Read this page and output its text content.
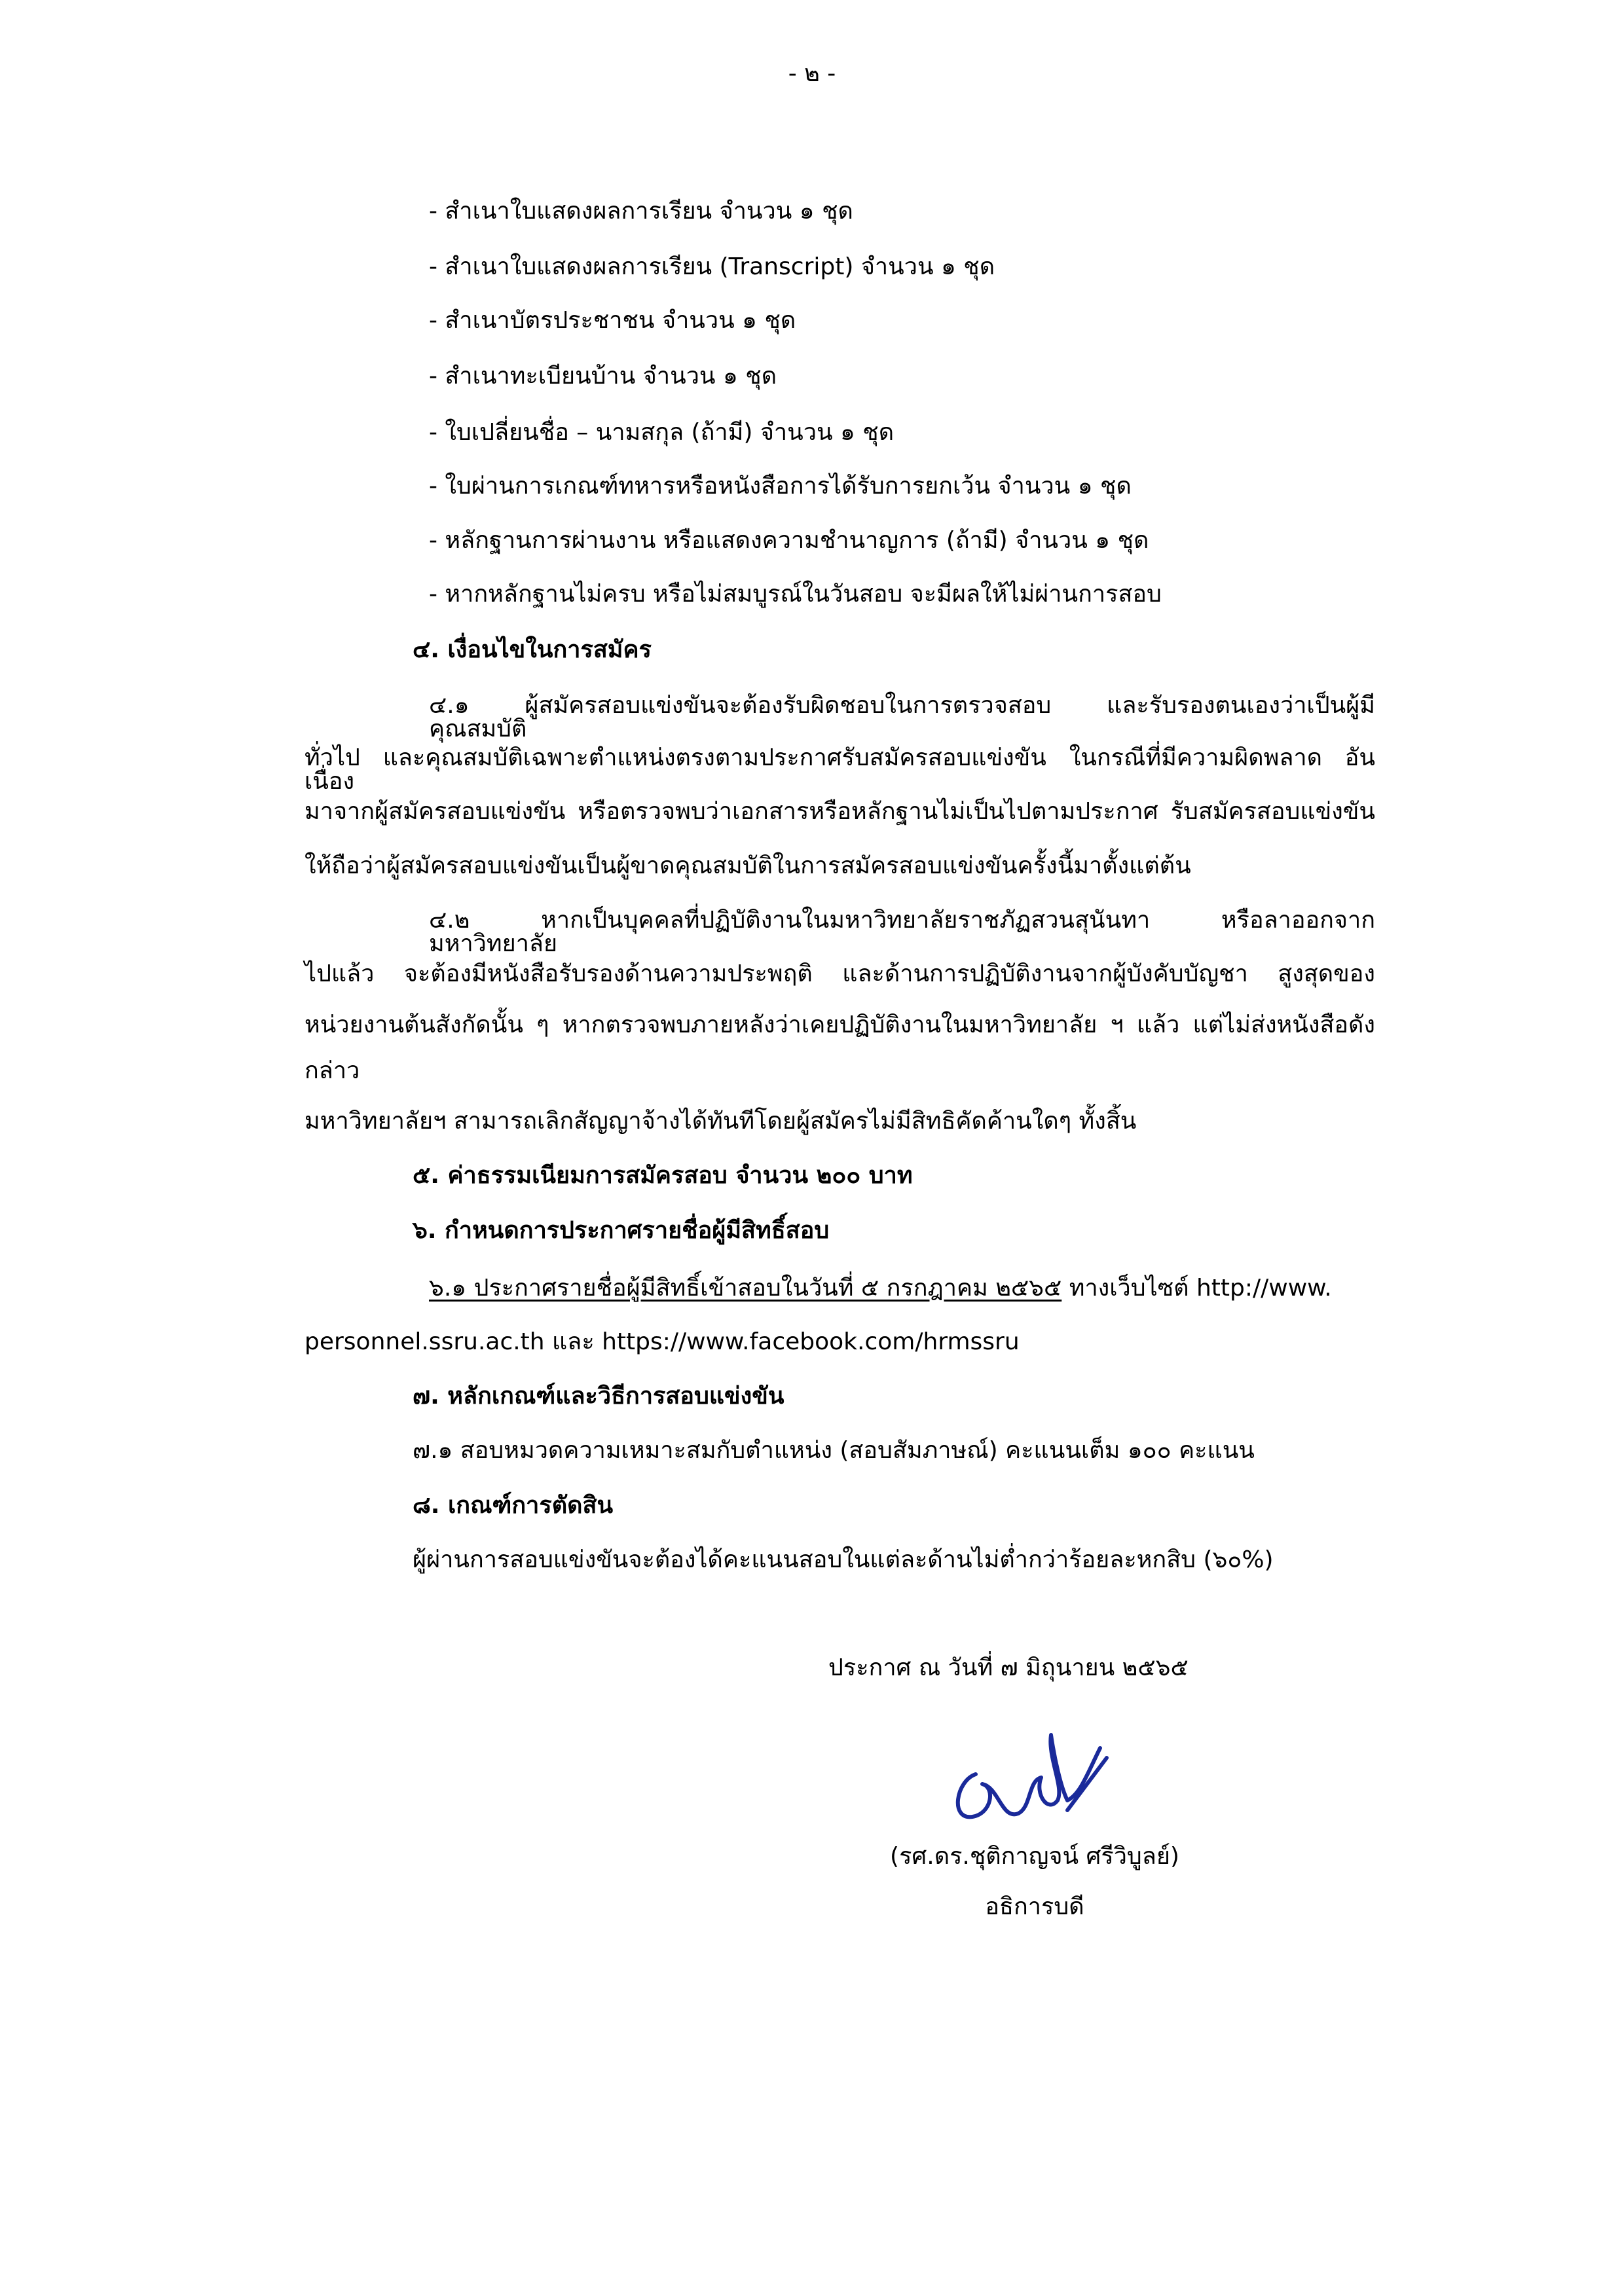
- ๒ -
- สำเนาใบแสดงผลการเรียน จำนวน ๑ ชุด
- สำเนาใบแสดงผลการเรียน (Transcript) จำนวน ๑ ชุด
- สำเนาบัตรประชาชน จำนวน ๑ ชุด
- สำเนาทะเบียนบ้าน จำนวน ๑ ชุด
- ใบเปลี่ยนชื่อ – นามสกุล (ถ้ามี) จำนวน ๑ ชุด
- ใบผ่านการเกณฑ์ทหารหรือหนังสือการได้รับการยกเว้น จำนวน ๑ ชุด
- หลักฐานการผ่านงาน หรือแสดงความชำนาญการ (ถ้ามี) จำนวน ๑ ชุด
- หากหลักฐานไม่ครบ หรือไม่สมบูรณ์ในวันสอบ จะมีผลให้ไม่ผ่านการสอบ
๔. เงื่อนไขในการสมัคร
๔.๑ ผู้สมัครสอบแข่งขันจะต้องรับผิดชอบในการตรวจสอบ และรับรองตนเองว่าเป็นผู้มีคุณสมบัติ
ทั่วไป และคุณสมบัติเฉพาะตำแหน่งตรงตามประกาศรับสมัครสอบแข่งขัน ในกรณีที่มีความผิดพลาด อันเนื่อง
มาจากผู้สมัครสอบแข่งขัน หรือตรวจพบว่าเอกสารหรือหลักฐานไม่เป็นไปตามประกาศ รับสมัครสอบแข่งขัน
ให้ถือว่าผู้สมัครสอบแข่งขันเป็นผู้ขาดคุณสมบัติในการสมัครสอบแข่งขันครั้งนี้มาตั้งแต่ต้น
๔.๒ หากเป็นบุคคลที่ปฏิบัติงานในมหาวิทยาลัยราชภัฏสวนสุนันทา หรือลาออกจากมหาวิทยาลัย
ไปแล้ว จะต้องมีหนังสือรับรองด้านความประพฤติ และด้านการปฏิบัติงานจากผู้บังคับบัญชา สูงสุดของ
หน่วยงานต้นสังกัดนั้น ๆ หากตรวจพบภายหลังว่าเคยปฏิบัติงานในมหาวิทยาลัย ฯ แล้ว แต่ไม่ส่งหนังสือดัง
กล่าว
มหาวิทยาลัยฯ สามารถเลิกสัญญาจ้างได้ทันทีโดยผู้สมัครไม่มีสิทธิคัดค้านใดๆ ทั้งสิ้น
๕. ค่าธรรมเนียมการสมัครสอบ จำนวน ๒๐๐ บาท
๖. กำหนดการประกาศรายชื่อผู้มีสิทธิ์สอบ
๖.๑ ประกาศรายชื่อผู้มีสิทธิ์เข้าสอบในวันที่ ๕ กรกฎาคม ๒๕๖๕ ทางเว็บไซต์ http://www.
personnel.ssru.ac.th และ https://www.facebook.com/hrmssru
๗. หลักเกณฑ์และวิธีการสอบแข่งขัน
๗.๑ สอบหมวดความเหมาะสมกับตำแหน่ง (สอบสัมภาษณ์) คะแนนเต็ม ๑๐๐ คะแนน
๘. เกณฑ์การตัดสิน
ผู้ผ่านการสอบแข่งขันจะต้องได้คะแนนสอบในแต่ละด้านไม่ต่ำกว่าร้อยละหกสิบ (๖๐%)
ประกาศ ณ วันที่ ๗ มิถุนายน ๒๕๖๕
(รศ.ดร.ชุติกาญจน์ ศรีวิบูลย์)
อธิการบดี
